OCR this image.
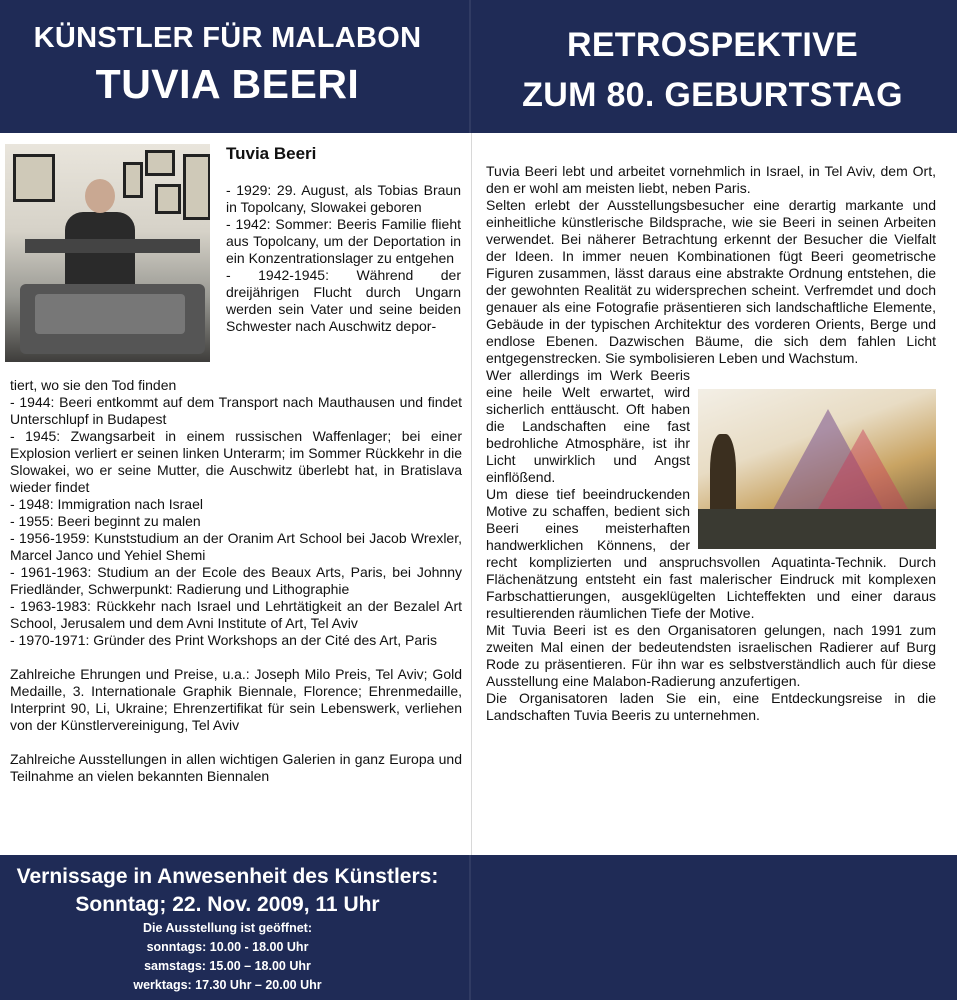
KÜNSTLER FÜR MALABON
TUVIA BEERI
RETROSPEKTIVE
ZUM 80. GEBURTSTAG
Tuvia Beeri

- 1929: 29. August, als Tobias Braun in Topolcany, Slowakei geboren

- 1942: Sommer: Beeris Familie flieht aus Topolcany, um der Deportation in ein Konzentrationslager zu entgehen

- 1942-1945: Während der dreijährigen Flucht durch Ungarn werden sein Vater und seine beiden Schwester nach Auschwitz depor-

tiert, wo sie den Tod finden

- 1944: Beeri entkommt auf dem Transport nach Mauthausen und findet Unterschlupf in Budapest

- 1945: Zwangsarbeit in einem russischen Waffenlager; bei einer Explosion verliert er seinen linken Unterarm; im Sommer Rückkehr in die Slowakei, wo er seine Mutter, die Auschwitz überlebt hat, in Bratislava wieder findet

- 1948: Immigration nach Israel

- 1955: Beeri beginnt zu malen

- 1956-1959: Kunststudium an der Oranim Art School bei Jacob Wrexler, Marcel Janco und Yehiel Shemi

- 1961-1963: Studium an der Ecole des Beaux Arts, Paris, bei Johnny Friedländer, Schwerpunkt: Radierung und Lithographie

- 1963-1983: Rückkehr nach Israel und Lehrtätigkeit an der Bezalel Art School, Jerusalem und dem Avni Institute of Art, Tel Aviv

- 1970-1971: Gründer des Print Workshops an der Cité des Art, Paris

Zahlreiche Ehrungen und Preise, u.a.: Joseph Milo Preis, Tel Aviv; Gold Medaille, 3. Internationale Graphik Biennale, Florence; Ehrenmedaille, Interprint 90, Li, Ukraine; Ehrenzertifikat für sein Lebenswerk, verliehen von der Künstlervereinigung, Tel Aviv

Zahlreiche Ausstellungen in allen wichtigen Galerien in ganz Europa und Teilnahme an vielen bekannten Biennalen

Tuvia Beeri lebt und arbeitet vornehmlich in Israel, in Tel Aviv, dem Ort, den er wohl am meisten liebt, neben Paris.

Selten erlebt der Ausstellungsbesucher eine derartig markante und einheitliche künstlerische Bildsprache, wie sie Beeri in seinen Arbeiten verwendet. Bei näherer Betrachtung erkennt der Besucher die Vielfalt der Ideen. In immer neuen Kombinationen fügt Beeri geometrische Figuren zusammen, lässt daraus eine abstrakte Ordnung entstehen, die der gewohnten Realität zu widersprechen scheint. Verfremdet und doch genauer als eine Fotografie präsentieren sich landschaftliche Elemente, Gebäude in der typischen Architektur des vorderen Orients, Berge und endlose Ebenen. Dazwischen Bäume, die sich dem fahlen Licht entgegenstrecken. Sie symbolisieren Leben und Wachstum.

Wer allerdings im Werk Beeris eine heile Welt erwartet, wird sicherlich enttäuscht. Oft haben die Landschaften eine fast bedrohliche Atmosphäre, ist ihr Licht unwirklich und Angst einflößend.

Um diese tief beeindruckenden Motive zu schaffen, bedient sich Beeri eines meisterhaften handwerklichen Könnens, der recht komplizierten und anspruchsvollen Aquatinta-Technik. Durch Flächenätzung entsteht ein fast malerischer Eindruck mit komplexen Farbschattierungen, ausgeklügelten Lichteffekten und einer daraus resultierenden räumlichen Tiefe der Motive.

Mit Tuvia Beeri ist es den Organisatoren gelungen, nach 1991 zum zweiten Mal einen der bedeutendsten israelischen Radierer auf Burg Rode zu präsentieren. Für ihn war es selbstverständlich auch für diese Ausstellung eine Malabon-Radierung anzufertigen.

Die Organisatoren laden Sie ein, eine Entdeckungsreise in die Landschaften Tuvia Beeris zu unternehmen.

Vernissage in Anwesenheit des Künstlers:
Sonntag; 22. Nov. 2009, 11 Uhr
Die Ausstellung ist geöffnet:
sonntags: 10.00 - 18.00 Uhr
samstags: 15.00 – 18.00 Uhr
werktags: 17.30 Uhr – 20.00 Uhr
